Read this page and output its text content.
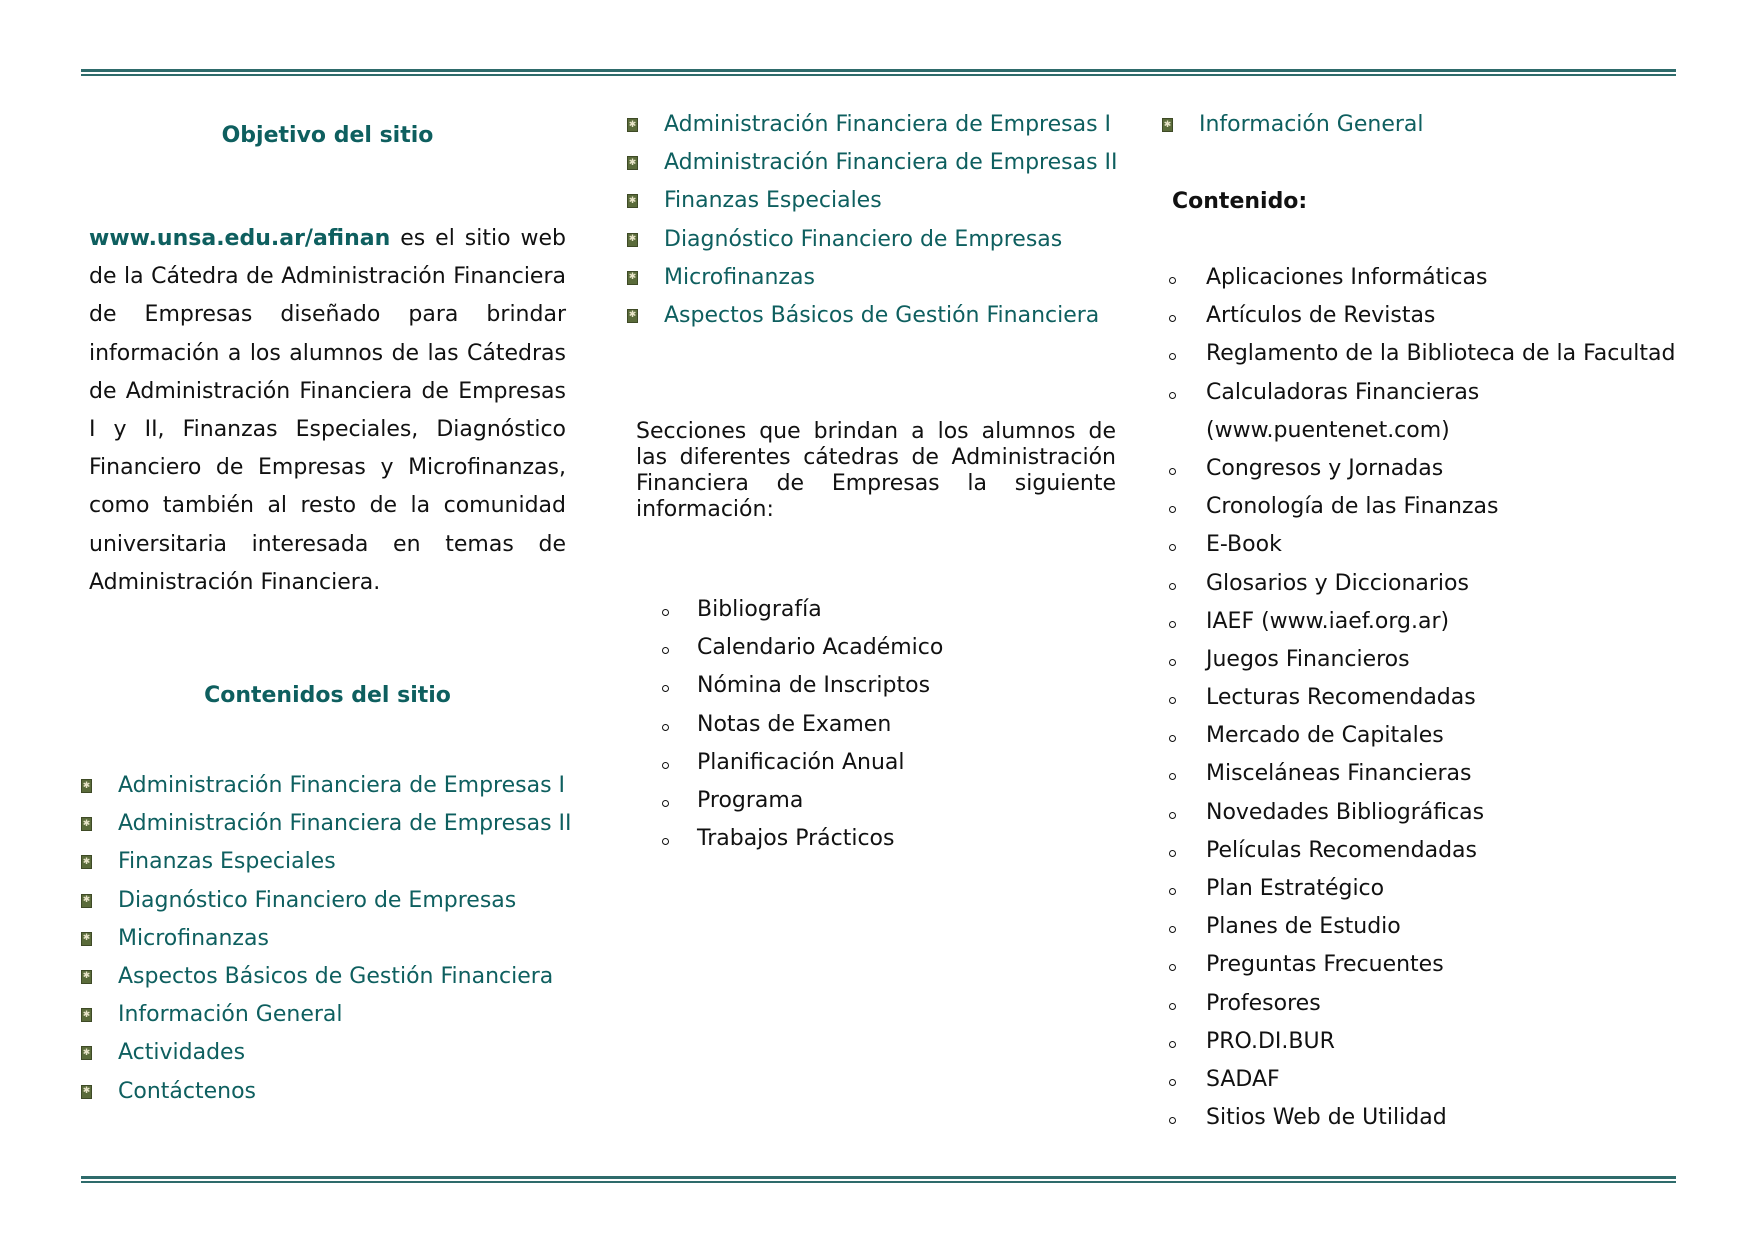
Objetivo del sitio

www.unsa.edu.ar/afinan es el sitio web de la Cátedra de Administración Financiera de Empresas diseñado para brindar información a los alumnos de las Cátedras de Administración Financiera de Empresas I y II, Finanzas Especiales, Diagnóstico Financiero de Empresas y Microfinanzas, como también al resto de la comunidad universitaria interesada en temas de Administración Financiera.

Contenidos del sitio
✱ Administración Financiera de Empresas I
✱ Administración Financiera de Empresas II
✱ Finanzas Especiales
✱ Diagnóstico Financiero de Empresas
✱ Microfinanzas
✱ Aspectos Básicos de Gestión Financiera
✱ Información General
✱ Actividades
✱ Contáctenos
✱ Administración Financiera de Empresas I
✱ Administración Financiera de Empresas II
✱ Finanzas Especiales
✱ Diagnóstico Financiero de Empresas
✱ Microfinanzas
✱ Aspectos Básicos de Gestión Financiera

Secciones que brindan a los alumnos de las diferentes cátedras de Administración Financiera de Empresas la siguiente información:

Bibliografía
Calendario Académico
Nómina de Inscriptos
Notas de Examen
Planificación Anual
Programa
Trabajos Prácticos
✱ Información General
Contenido:
Aplicaciones Informáticas
Artículos de Revistas
Reglamento de la Biblioteca de la Facultad
Calculadoras Financieras
(www.puentenet.com)
Congresos y Jornadas
Cronología de las Finanzas
E-Book
Glosarios y Diccionarios
IAEF (www.iaef.org.ar)
Juegos Financieros
Lecturas Recomendadas
Mercado de Capitales
Misceláneas Financieras
Novedades Bibliográficas
Películas Recomendadas
Plan Estratégico
Planes de Estudio
Preguntas Frecuentes
Profesores
PRO.DI.BUR
SADAF
Sitios Web de Utilidad
